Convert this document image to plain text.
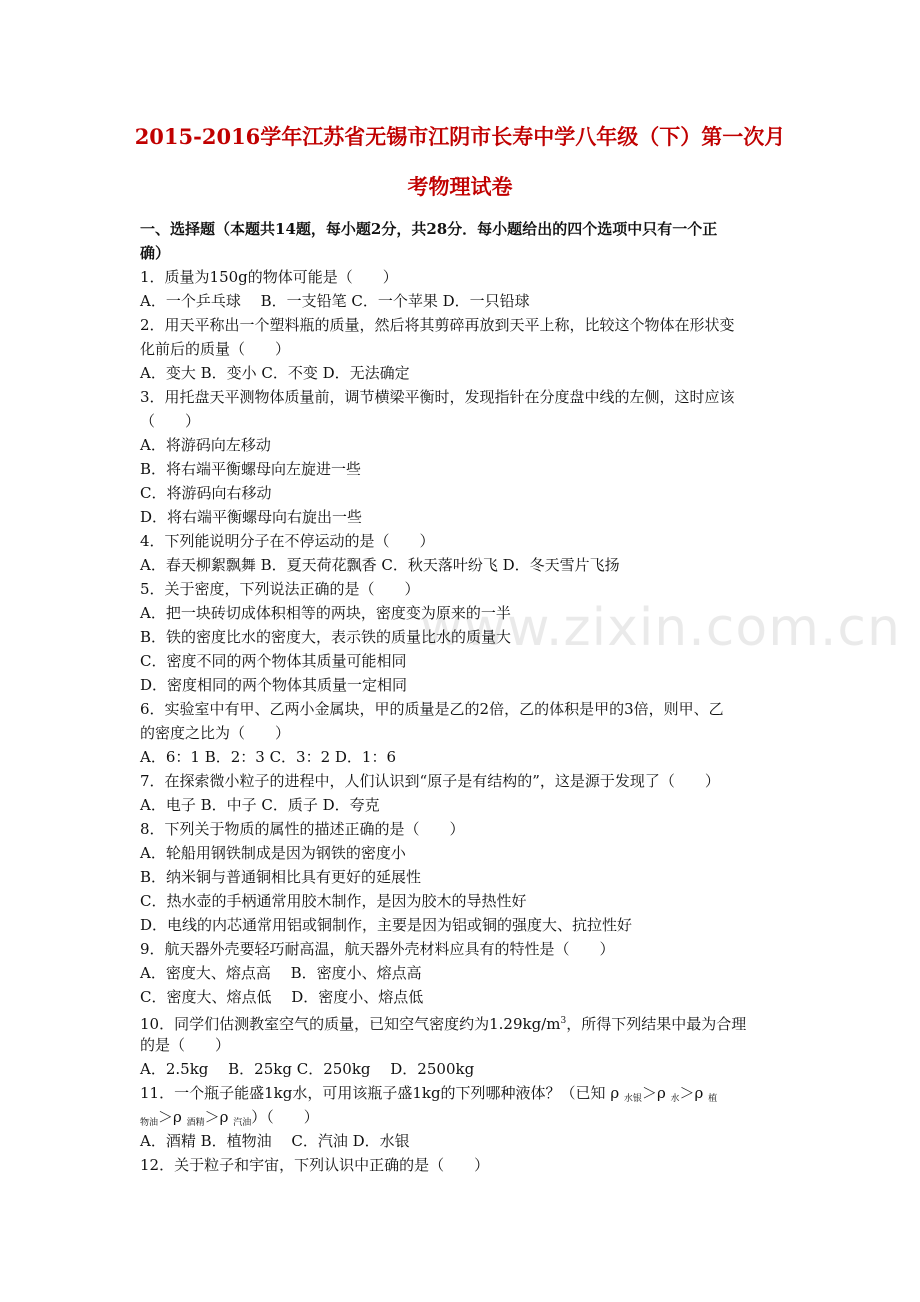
2015-2016学年江苏省无锡市江阴市长寿中学八年级（下）第一次月
考物理试卷
www.zixin.com.cn
一、选择题（本题共14题，每小题2分，共28分．每小题给出的四个选项中只有一个正
确）
1．质量为150g的物体可能是（　　）
A．一个乒乓球　 B．一支铅笔 C．一个苹果 D．一只铅球
2．用天平称出一个塑料瓶的质量，然后将其剪碎再放到天平上称，比较这个物体在形状变
化前后的质量（　　）
A．变大 B．变小 C．不变 D．无法确定
3．用托盘天平测物体质量前，调节横梁平衡时，发现指针在分度盘中线的左侧，这时应该
（　　）
A．将游码向左移动
B．将右端平衡螺母向左旋进一些
C．将游码向右移动
D．将右端平衡螺母向右旋出一些
4．下列能说明分子在不停运动的是（　　）
A．春天柳絮飘舞 B．夏天荷花飘香 C．秋天落叶纷飞 D．冬天雪片飞扬
5．关于密度，下列说法正确的是（　　）
A．把一块砖切成体积相等的两块，密度变为原来的一半
B．铁的密度比水的密度大，表示铁的质量比水的质量大
C．密度不同的两个物体其质量可能相同
D．密度相同的两个物体其质量一定相同
6．实验室中有甲、乙两小金属块，甲的质量是乙的2倍，乙的体积是甲的3倍，则甲、乙
的密度之比为（　　）
A．6：1 B．2：3 C．3：2 D．1：6
7．在探索微小粒子的进程中，人们认识到“原子是有结构的”，这是源于发现了（　　）
A．电子 B．中子 C．质子 D．夸克
8．下列关于物质的属性的描述正确的是（　　）
A．轮船用钢铁制成是因为钢铁的密度小
B．纳米铜与普通铜相比具有更好的延展性
C．热水壶的手柄通常用胶木制作，是因为胶木的导热性好
D．电线的内芯通常用铝或铜制作，主要是因为铝或铜的强度大、抗拉性好
9．航天器外壳要轻巧耐高温，航天器外壳材料应具有的特性是（　　）
A．密度大、熔点高　 B．密度小、熔点高
C．密度大、熔点低　 D．密度小、熔点低
10．同学们估测教室空气的质量，已知空气密度约为$1.29kg/m^3$，所得下列结果中最为合理
的是（　　）
A．2.5kg　 B．25kg C．250kg　 D．2500kg
11．一个瓶子能盛1kg水，可用该瓶子盛1kg的下列哪种液体？（已知 ρ $_{水银}$＞ρ $_水$＞ρ $_植$
$_{物油}$＞ρ $_{酒精}$＞ρ $_{汽油}$）（　　）
A．酒精 B．植物油　 C．汽油 D．水银
12．关于粒子和宇宙，下列认识中正确的是（　　）
